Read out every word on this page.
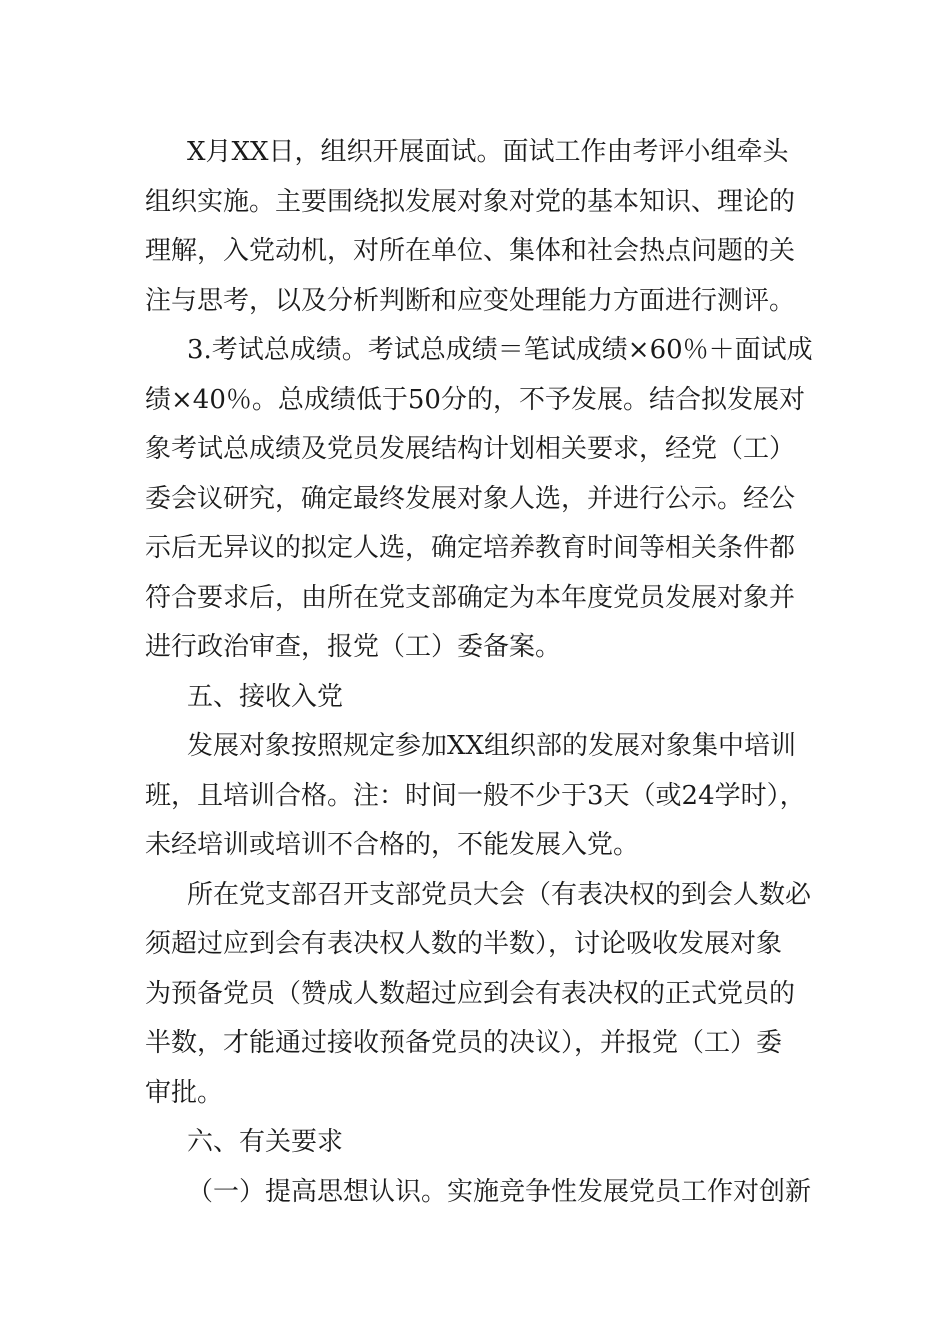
X月XX日，组织开展面试。面试工作由考评小组牵头
组织实施。主要围绕拟发展对象对党的基本知识、理论的
理解，入党动机，对所在单位、集体和社会热点问题的关
注与思考，以及分析判断和应变处理能力方面进行测评。
3.考试总成绩。考试总成绩＝笔试成绩×60％＋面试成
绩×40％。总成绩低于50分的，不予发展。结合拟发展对
象考试总成绩及党员发展结构计划相关要求，经党（工）
委会议研究，确定最终发展对象人选，并进行公示。经公
示后无异议的拟定人选，确定培养教育时间等相关条件都
符合要求后，由所在党支部确定为本年度党员发展对象并
进行政治审查，报党（工）委备案。
五、接收入党
发展对象按照规定参加XX组织部的发展对象集中培训
班，且培训合格。注：时间一般不少于3天（或24学时），
未经培训或培训不合格的，不能发展入党。
所在党支部召开支部党员大会（有表决权的到会人数必
须超过应到会有表决权人数的半数），讨论吸收发展对象
为预备党员（赞成人数超过应到会有表决权的正式党员的
半数，才能通过接收预备党员的决议），并报党（工）委
审批。
六、有关要求
（一）提高思想认识。实施竞争性发展党员工作对创新
